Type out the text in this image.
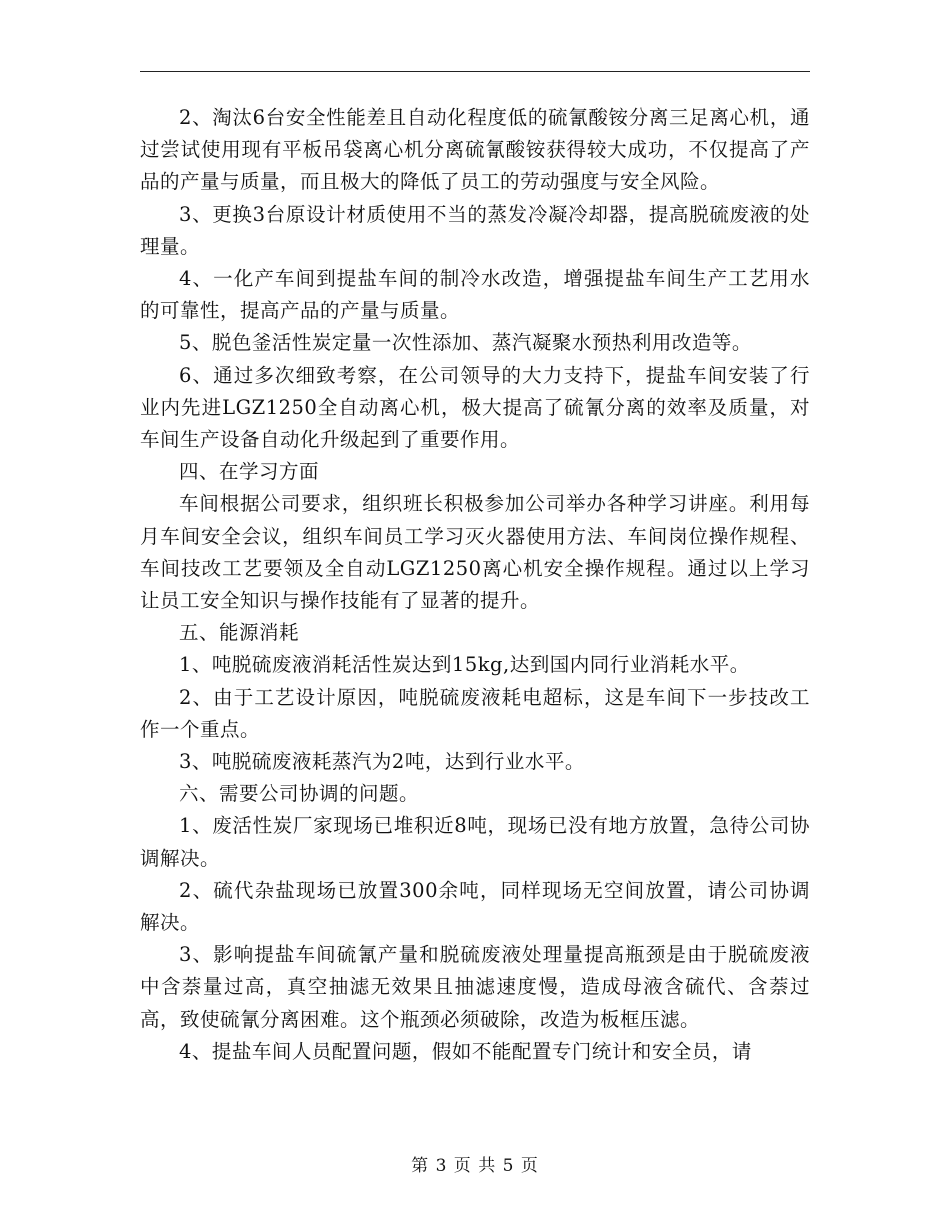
2、淘汰6台安全性能差且自动化程度低的硫氰酸铵分离三足离心机，通过尝试使用现有平板吊袋离心机分离硫氰酸铵获得较大成功，不仅提高了产品的产量与质量，而且极大的降低了员工的劳动强度与安全风险。

3、更换3台原设计材质使用不当的蒸发冷凝冷却器，提高脱硫废液的处理量。

4、一化产车间到提盐车间的制冷水改造，增强提盐车间生产工艺用水的可靠性，提高产品的产量与质量。

5、脱色釜活性炭定量一次性添加、蒸汽凝聚水预热利用改造等。

6、通过多次细致考察，在公司领导的大力支持下，提盐车间安装了行业内先进LGZ1250全自动离心机，极大提高了硫氰分离的效率及质量，对车间生产设备自动化升级起到了重要作用。

四、在学习方面

车间根据公司要求，组织班长积极参加公司举办各种学习讲座。利用每月车间安全会议，组织车间员工学习灭火器使用方法、车间岗位操作规程、车间技改工艺要领及全自动LGZ1250离心机安全操作规程。通过以上学习让员工安全知识与操作技能有了显著的提升。

五、能源消耗

1、吨脱硫废液消耗活性炭达到15kg,达到国内同行业消耗水平。

2、由于工艺设计原因，吨脱硫废液耗电超标，这是车间下一步技改工作一个重点。

3、吨脱硫废液耗蒸汽为2吨，达到行业水平。

六、需要公司协调的问题。

1、废活性炭厂家现场已堆积近8吨，现场已没有地方放置，急待公司协调解决。

2、硫代杂盐现场已放置300余吨，同样现场无空间放置，请公司协调解决。

3、影响提盐车间硫氰产量和脱硫废液处理量提高瓶颈是由于脱硫废液中含萘量过高，真空抽滤无效果且抽滤速度慢，造成母液含硫代、含萘过高，致使硫氰分离困难。这个瓶颈必须破除，改造为板框压滤。

4、提盐车间人员配置问题，假如不能配置专门统计和安全员，请

第 3 页 共 5 页
